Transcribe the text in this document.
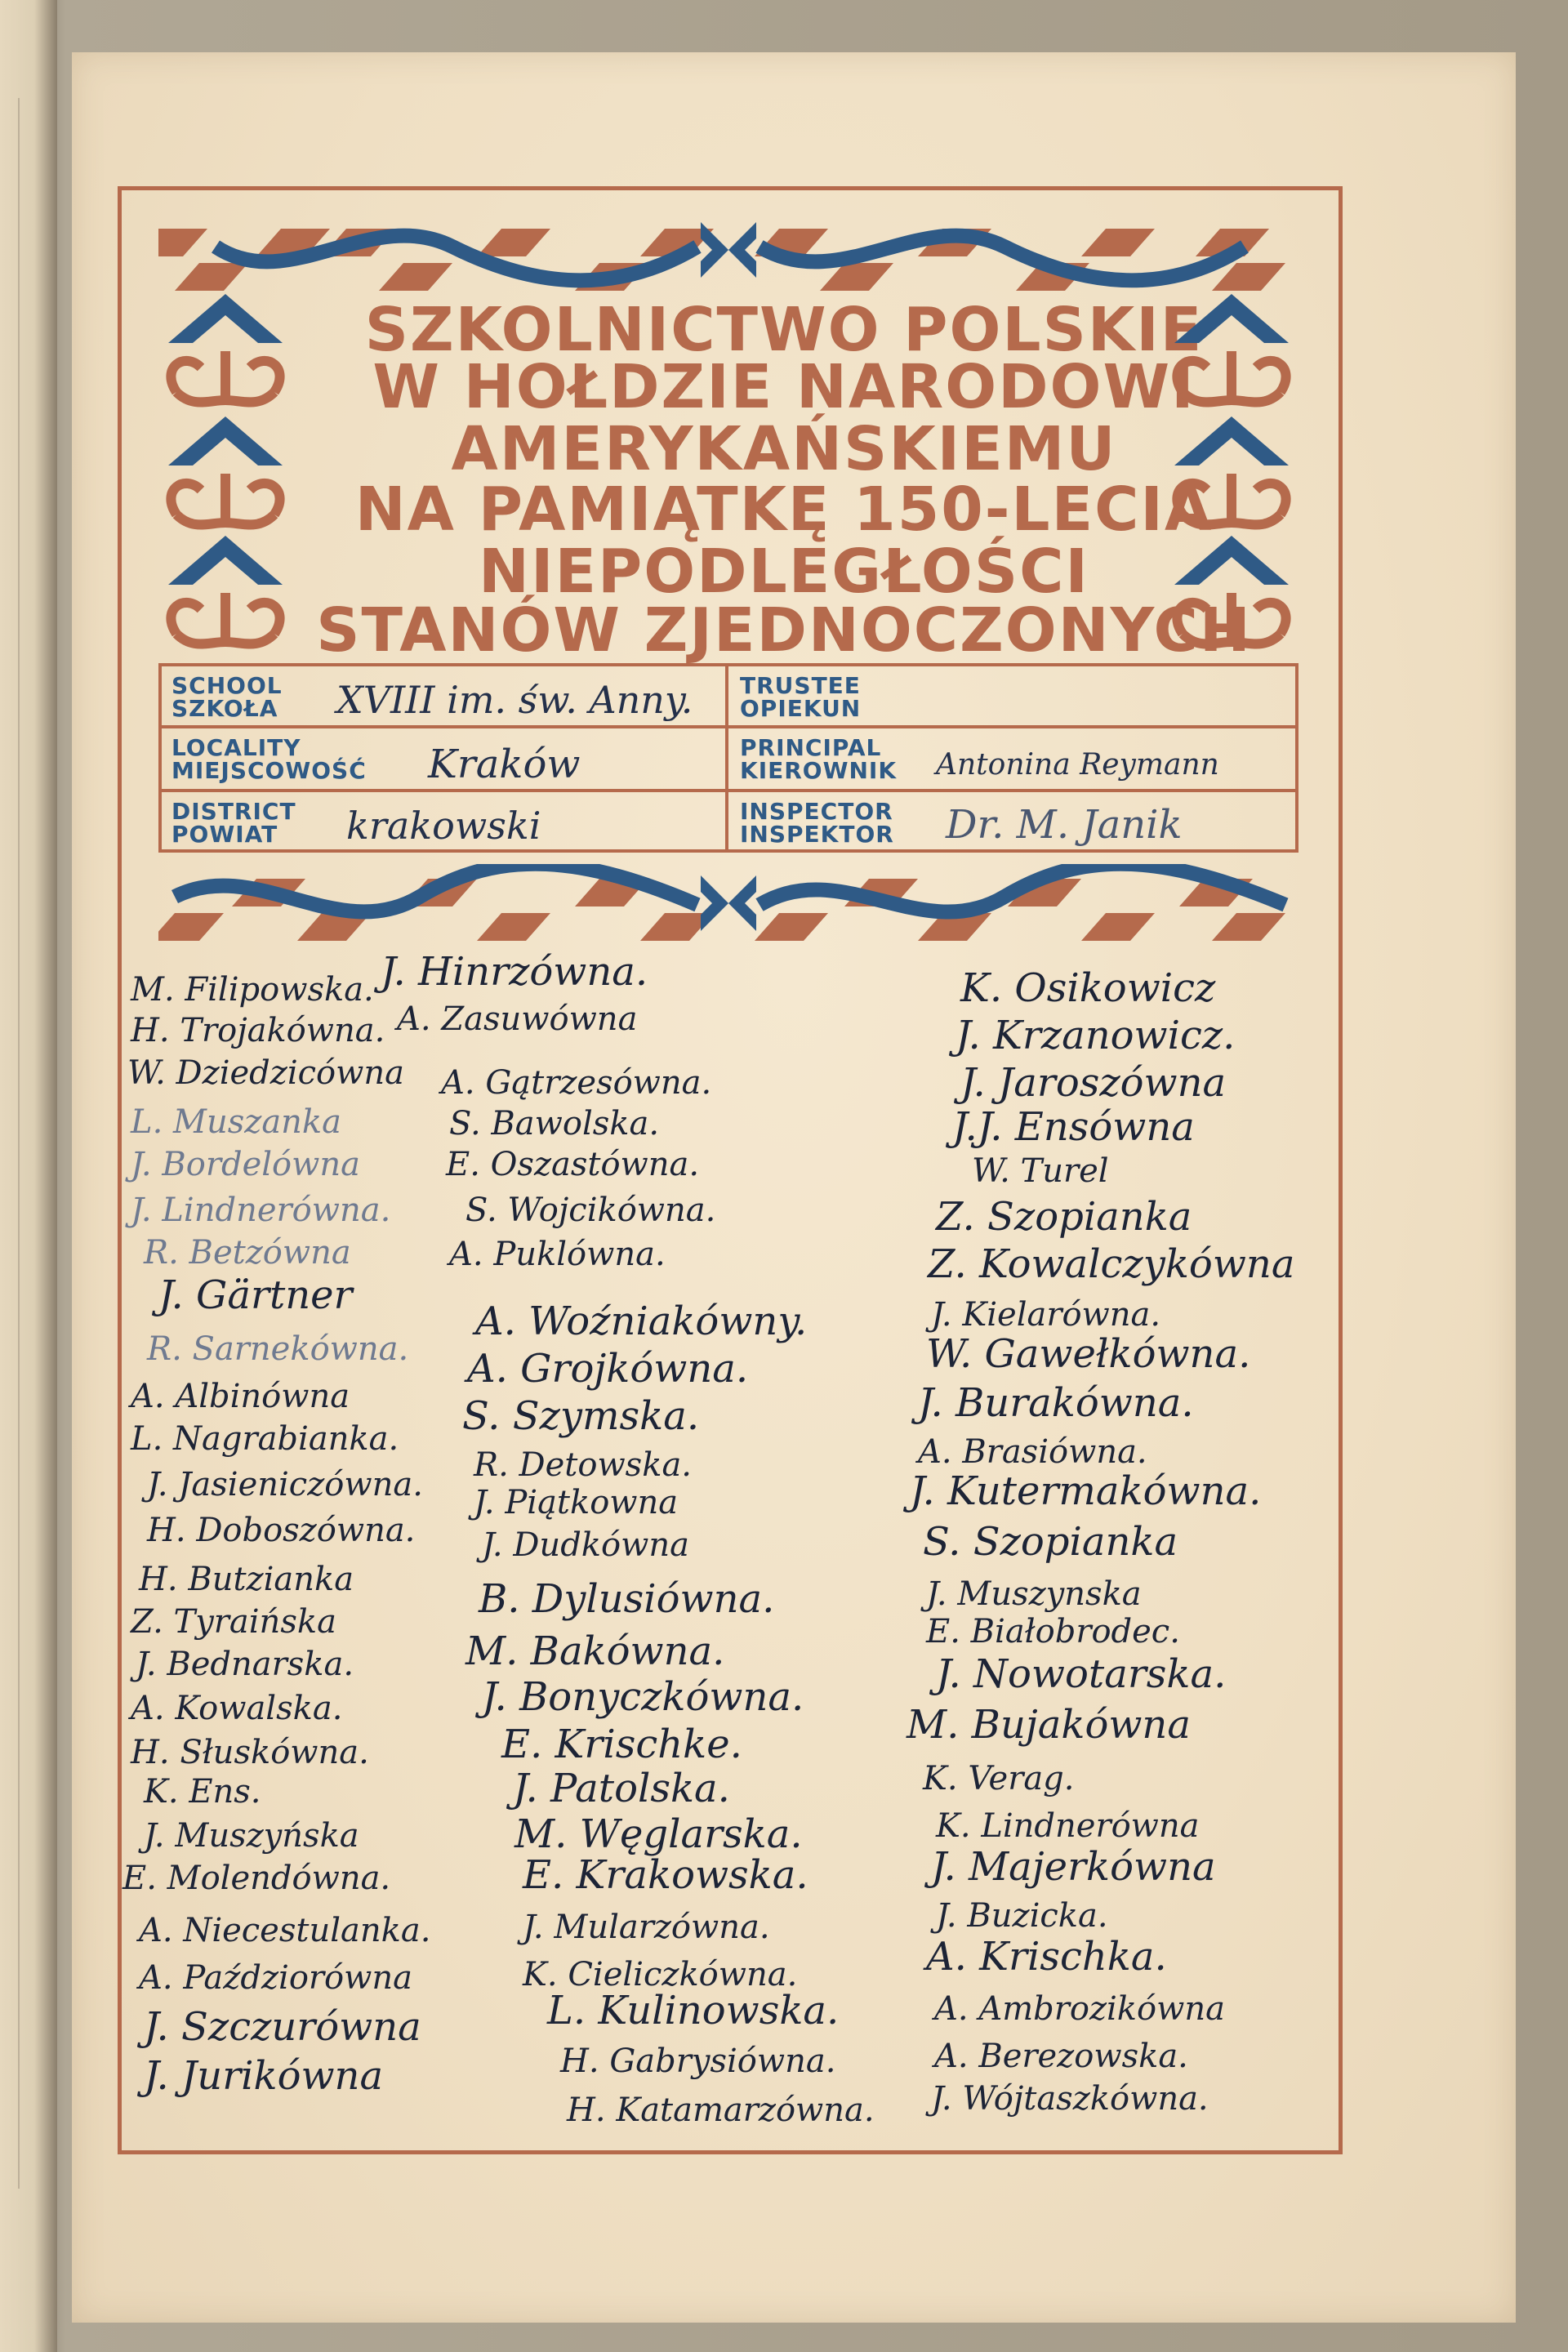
SZKOLNICTWO POLSKIE
W HOŁDZIE NARODOWI
AMERYKAŃSKIEMU
NA PAMIĄTKĘ 150-LECIA
NIEPODLEGŁOŚCI
STANÓW ZJEDNOCZONYCH
SCHOOL
SZKOŁA XVIII im. św. Anny. TRUSTEE
OPIEKUN
LOCALITY
MIEJSCOWOŚĆ Kraków	PRINCIPAL
KIEROWNIK Antonina Reymann
DISTRICT
POWIAT krakowski	INSPECTOR
INSPEKTOR Dr. M. Janik
M. Filipowska.
H. Trojakówna.
W. Dziedzicówna
L. Muszanka
J. Bordelówna
J. Lindnerówna.
R. Betzówna
J. Gärtner
R. Sarnekówna.
A. Albinówna
L. Nagrabianka.
J. Jasieniczówna.
H. Doboszówna.
H. Butzianka
Z. Tyraińska
J. Bednarska.
A. Kowalska.
H. Słuskówna.
K. Ens.
J. Muszyńska
E. Molendówna.
A. Niecestulanka.
A. Paździorówna
J. Szczurówna
J. Jurikówna
J. Hinrzówna.
A. Zasuwówna
A. Gątrzesówna.
S. Bawolska.
E. Oszastówna.
S. Wojcikówna.
A. Puklówna.
A. Woźniakówny.
A. Grojkówna.
S. Szymska.
R. Detowska.
J. Piątkowna
J. Dudkówna
B. Dylusiówna.
M. Bakówna.
J. Bonyczkówna.
E. Krischke.
J. Patolska.
M. Węglarska.
E. Krakowska.
J. Mularzówna.
K. Cieliczkówna.
L. Kulinowska.
H. Gabrysiówna.
H. Katamarzówna.
K. Osikowicz
J. Krzanowicz.
J. Jaroszówna
J.J. Ensówna
W. Turel
Z. Szopianka
Z. Kowalczykówna
J. Kielarówna.
W. Gawełkówna.
J. Burakówna.
A. Brasiówna.
J. Kutermakówna.
S. Szopianka
J. Muszynska
E. Białobrodec.
J. Nowotarska.
M. Bujakówna
K. Verag.
K. Lindnerówna
J. Majerkówna
J. Buzicka.
A. Krischka.
A. Ambrozikówna
A. Berezowska.
J. Wójtaszkówna.
